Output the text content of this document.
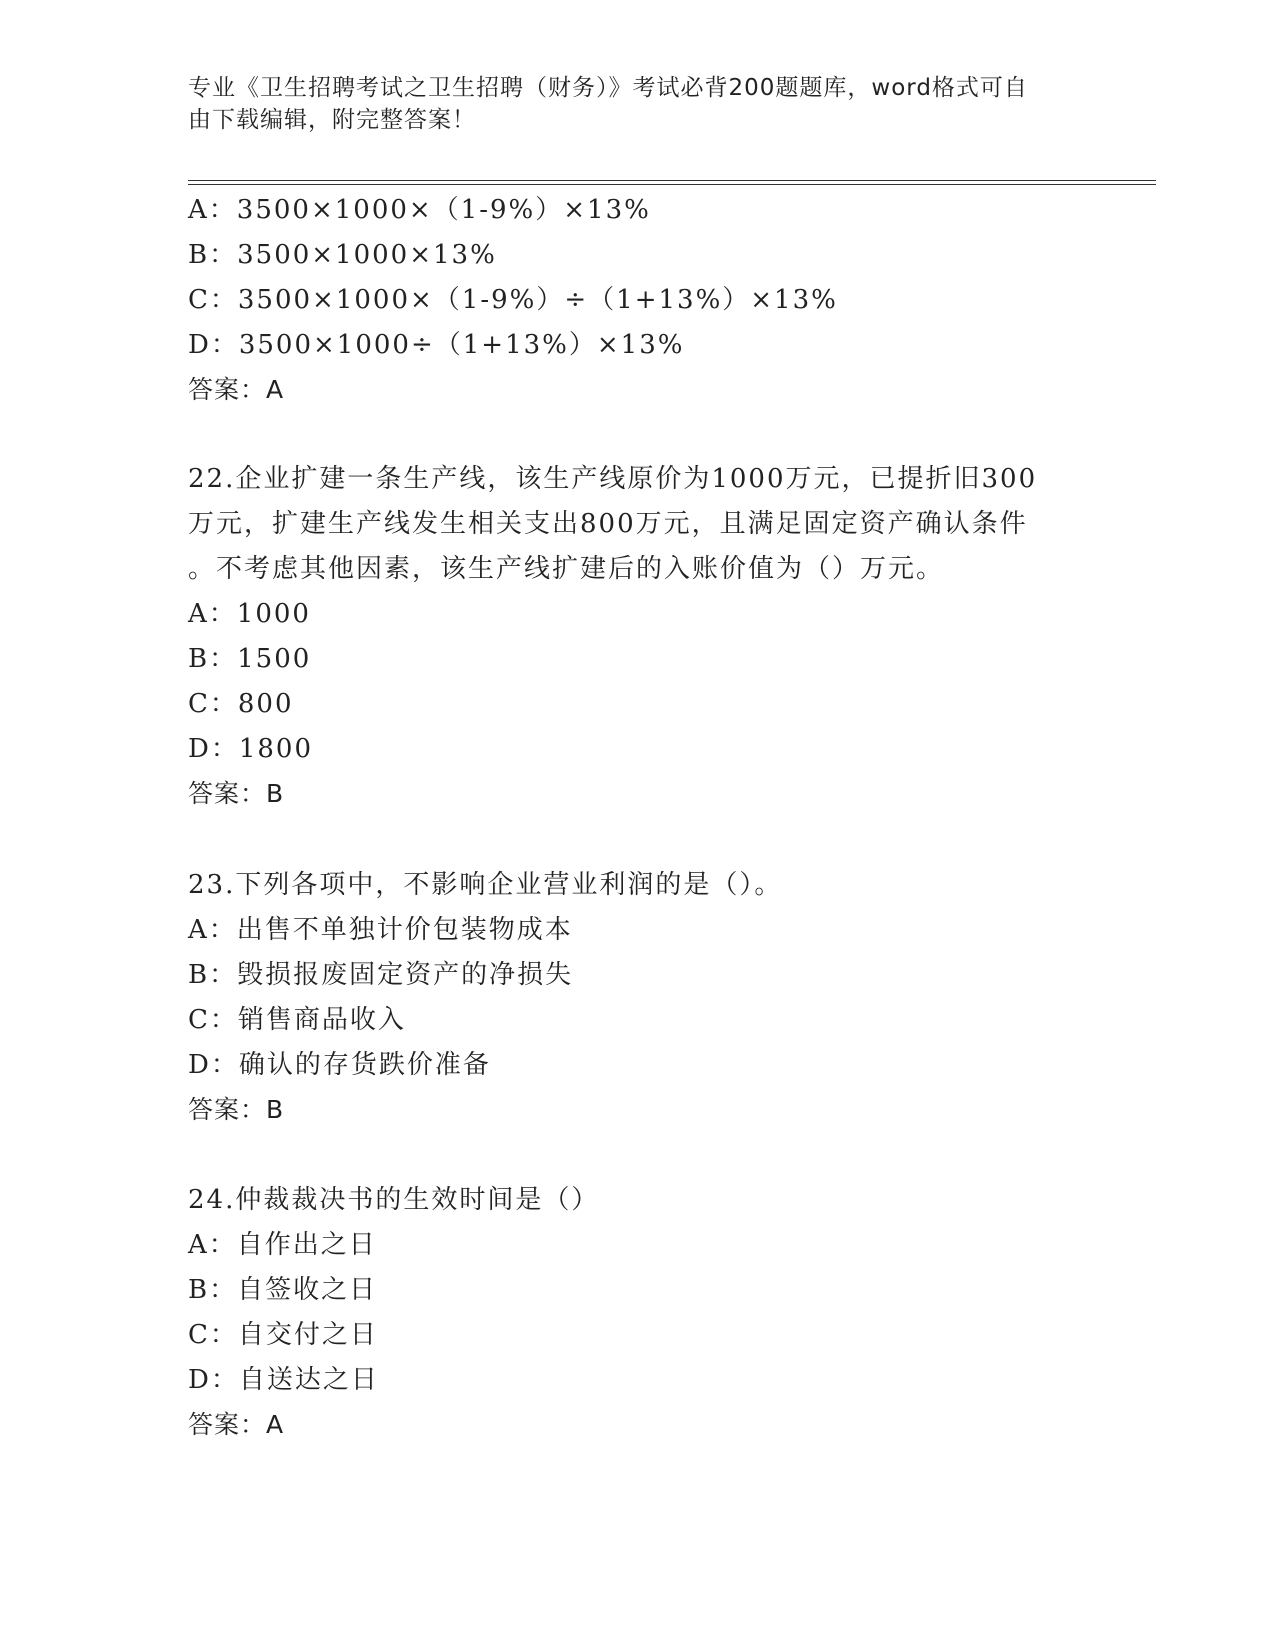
专业《卫生招聘考试之卫生招聘（财务）》考试必背200题题库，word格式可自
由下载编辑，附完整答案！
A：3500×1000×（1-9%）×13%
B：3500×1000×13%
C：3500×1000×（1-9%）÷（1+13%）×13%
D：3500×1000÷（1+13%）×13%
答案：A
22.企业扩建一条生产线，该生产线原价为1000万元，已提折旧300
万元，扩建生产线发生相关支出800万元，且满足固定资产确认条件
。不考虑其他因素，该生产线扩建后的入账价值为（）万元。
A：1000
B：1500
C：800
D：1800
答案：B
23.下列各项中，不影响企业营业利润的是（）。
A：出售不单独计价包装物成本
B：毁损报废固定资产的净损失
C：销售商品收入
D：确认的存货跌价准备
答案：B
24.仲裁裁决书的生效时间是（）
A：自作出之日
B：自签收之日
C：自交付之日
D：自送达之日
答案：A
